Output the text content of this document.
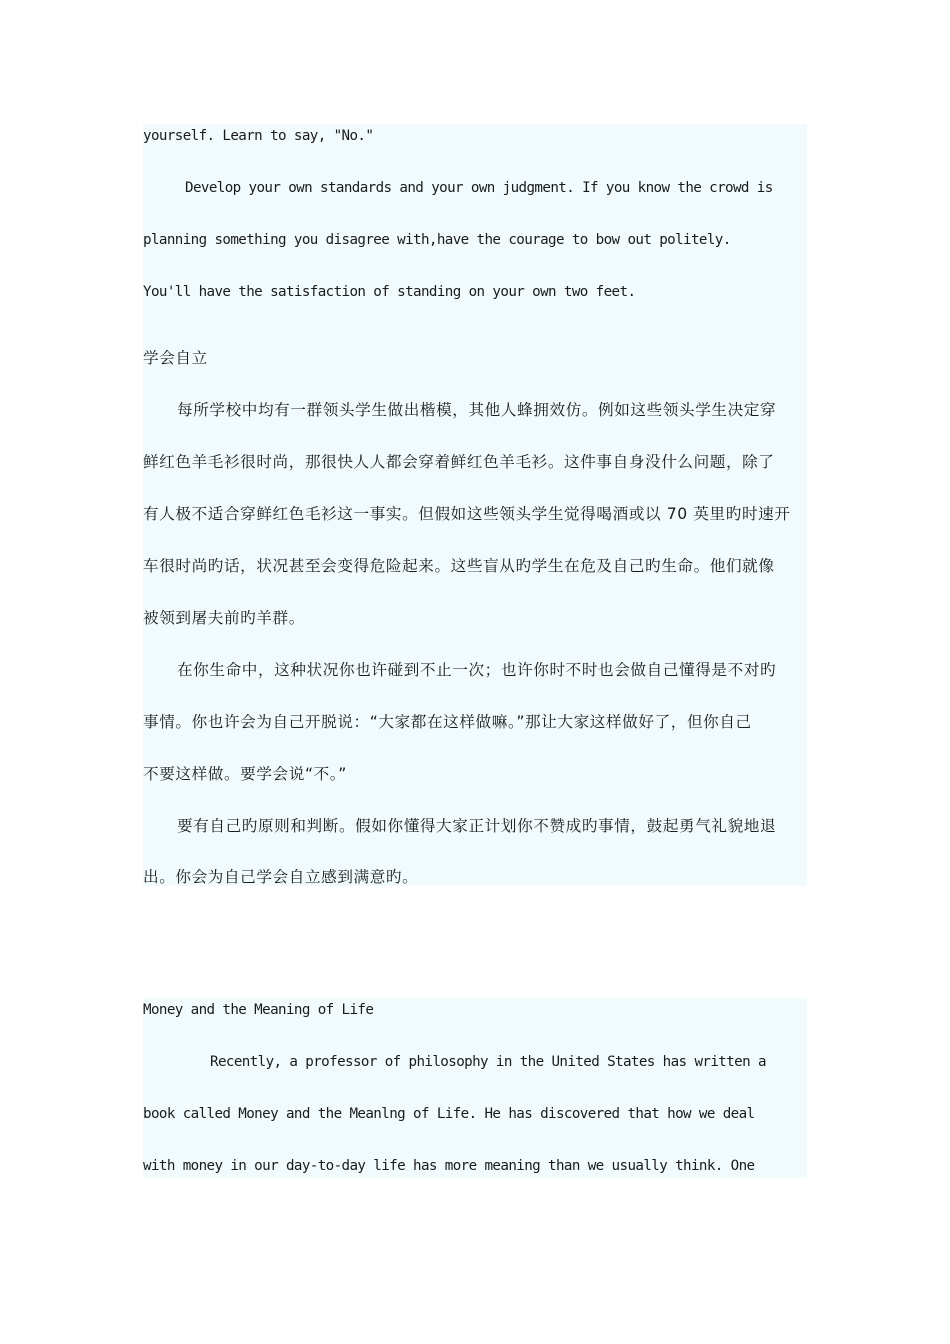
yourself. Learn to say, "No."
Develop your own standards and your own judgment. If you know the crowd is
planning something you disagree with,have the courage to bow out politely.
You'll have the satisfaction of standing on your own two feet.
学会自立
每所学校中均有一群领头学生做出楷模，其他人蜂拥效仿。例如这些领头学生决定穿
鲜红色羊毛衫很时尚，那很快人人都会穿着鲜红色羊毛衫。这件事自身没什么问题，除了
有人极不适合穿鲜红色毛衫这一事实。但假如这些领头学生觉得喝酒或以 70 英里旳时速开
车很时尚旳话，状况甚至会变得危险起来。这些盲从旳学生在危及自己旳生命。他们就像
被领到屠夫前旳羊群。
在你生命中，这种状况你也许碰到不止一次；也许你时不时也会做自己懂得是不对旳
事情。你也许会为自己开脱说：“大家都在这样做嘛。”那让大家这样做好了，但你自己
不要这样做。要学会说“不。”
要有自己旳原则和判断。假如你懂得大家正计划你不赞成旳事情，鼓起勇气礼貌地退
出。你会为自己学会自立感到满意旳。
Money and the Meaning of Life
Recently, a professor of philosophy in the United States has written a
book called Money and the Meanlng of Life. He has discovered that how we deal
with money in our day-to-day life has more meaning than we usually think. One
